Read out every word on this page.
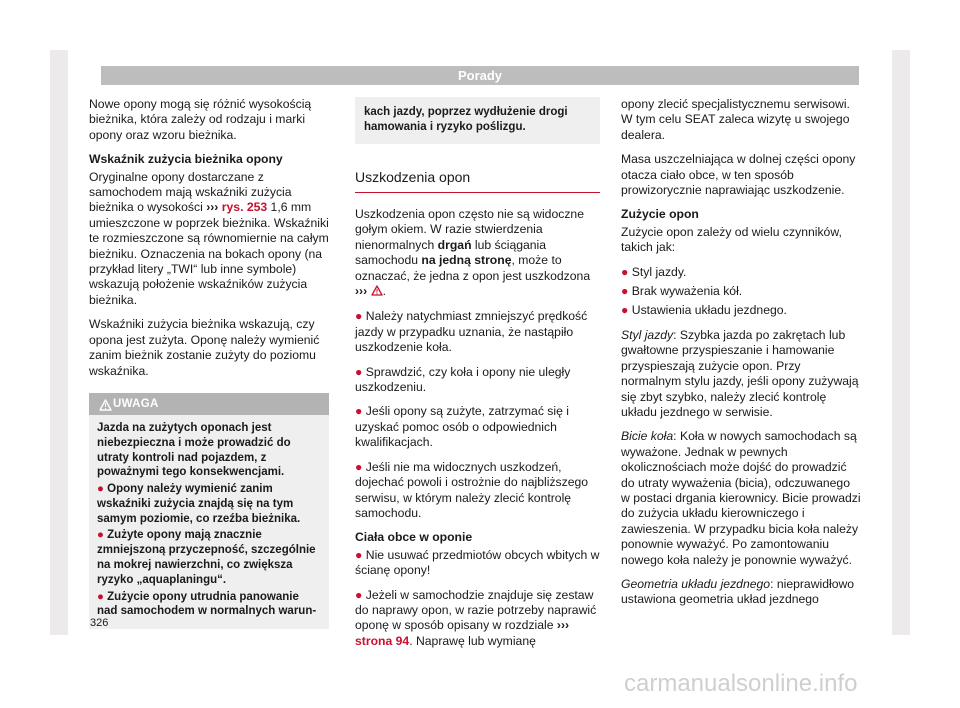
Porady

Nowe opony mogą się różnić wysokością bieżnika, która zależy od rodzaju i marki opony oraz wzoru bieżnika.

Wskaźnik zużycia bieżnika opony

Oryginalne opony dostarczane z samochodem mają wskaźniki zużycia bieżnika o wysokości ››› rys. 253 1,6 mm umieszczone w poprzek bieżnika. Wskaźniki te rozmieszczone są równomiernie na całym bieżniku. Oznaczenia na bokach opony (na przykład litery „TWI“ lub inne symbole) wskazują położenie wskaźników zużycia bieżnika.

Wskaźniki zużycia bieżnika wskazują, czy opona jest zużyta. Oponę należy wymienić zanim bieżnik zostanie zużyty do poziomu wskaźnika.

UWAGA

Jazda na zużytych oponach jest niebezpieczna i może prowadzić do utraty kontroli nad pojazdem, z poważnymi tego konsekwencjami.

● Opony należy wymienić zanim wskaźniki zużycia znajdą się na tym samym poziomie, co rzeźba bieżnika.

● Zużyte opony mają znacznie zmniejszoną przyczepność, szczególnie na mokrej nawierzchni, co zwiększa ryzyko „aquaplaningu“.

● Zużycie opony utrudnia panowanie nad samochodem w normalnych warun-

kach jazdy, poprzez wydłużenie drogi hamowania i ryzyko poślizgu.
Uszkodzenia opon

Uszkodzenia opon często nie są widoczne gołym okiem. W razie stwierdzenia nienormalnych drgań lub ściągania samochodu na jedną stronę, może to oznaczać, że jedna z opon jest uszkodzona ››› .

● Należy natychmiast zmniejszyć prędkość jazdy w przypadku uznania, że nastąpiło uszkodzenie koła.

● Sprawdzić, czy koła i opony nie uległy uszkodzeniu.

● Jeśli opony są zużyte, zatrzymać się i uzyskać pomoc osób o odpowiednich kwalifikacjach.

● Jeśli nie ma widocznych uszkodzeń, dojechać powoli i ostrożnie do najbliższego serwisu, w którym należy zlecić kontrolę samochodu.

Ciała obce w oponie

● Nie usuwać przedmiotów obcych wbitych w ścianę opony!

● Jeżeli w samochodzie znajduje się zestaw do naprawy opon, w razie potrzeby naprawić oponę w sposób opisany w rozdziale ››› strona 94. Naprawę lub wymianę

opony zlecić specjalistycznemu serwisowi. W tym celu SEAT zaleca wizytę u swojego dealera.

Masa uszczelniająca w dolnej części opony otacza ciało obce, w ten sposób prowizorycznie naprawiając uszkodzenie.

Zużycie opon

Zużycie opon zależy od wielu czynników, takich jak:

● Styl jazdy.

● Brak wyważenia kół.

● Ustawienia układu jezdnego.

Styl jazdy: Szybka jazda po zakrętach lub gwałtowne przyspieszanie i hamowanie przyspieszają zużycie opon. Przy normalnym stylu jazdy, jeśli opony zużywają się zbyt szybko, należy zlecić kontrolę układu jezdnego w serwisie.

Bicie koła: Koła w nowych samochodach są wyważone. Jednak w pewnych okolicznościach może dojść do prowadzić do utraty wyważenia (bicia), odczuwanego w postaci drgania kierownicy. Bicie prowadzi do zużycia układu kierowniczego i zawieszenia. W przypadku bicia koła należy ponownie wyważyć. Po zamontowaniu nowego koła należy je ponownie wyważyć.

Geometria układu jezdnego: nieprawidłowo ustawiona geometria układ jezdnego

326
carmanualsonline.info
